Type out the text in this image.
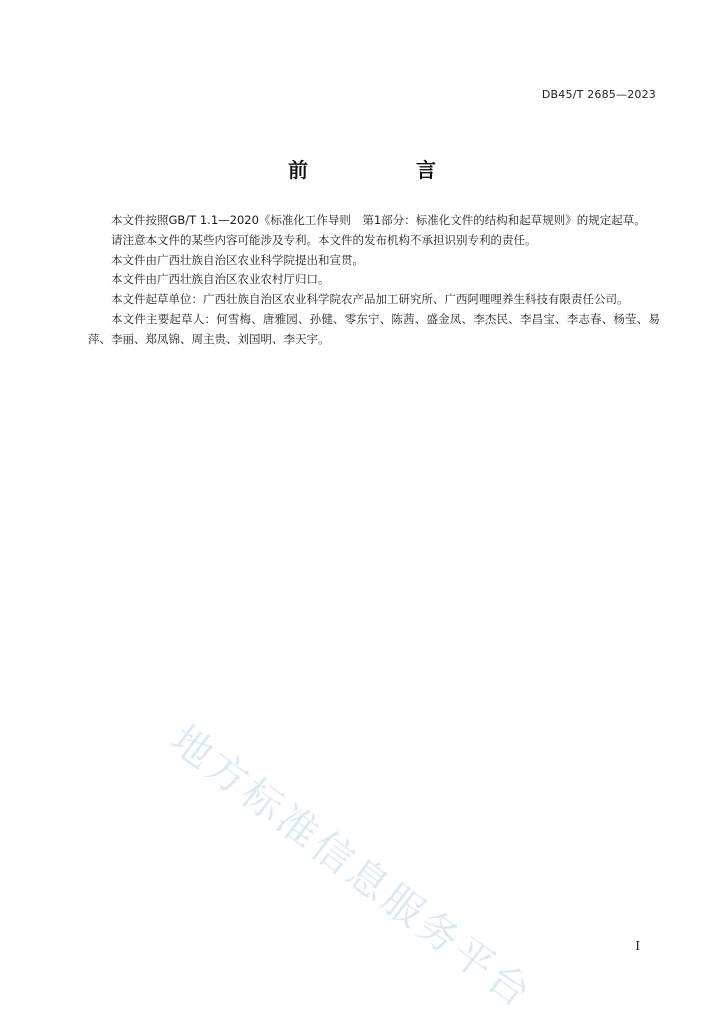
DB45/T 2685—2023
前　言

本文件按照GB/T 1.1—2020《标准化工作导则　第1部分：标准化文件的结构和起草规则》的规定起草。

请注意本文件的某些内容可能涉及专利。本文件的发布机构不承担识别专利的责任。

本文件由广西壮族自治区农业科学院提出和宣贯。

本文件由广西壮族自治区农业农村厅归口。

本文件起草单位：广西壮族自治区农业科学院农产品加工研究所、广西阿哩哩养生科技有限责任公司。

本文件主要起草人：何雪梅、唐雅园、孙健、零东宁、陈茜、盛金凤、李杰民、李昌宝、李志春、杨莹、易萍、李丽、郑凤锦、周主贵、刘国明、李天宇。

地方标准信息服务平台	I
